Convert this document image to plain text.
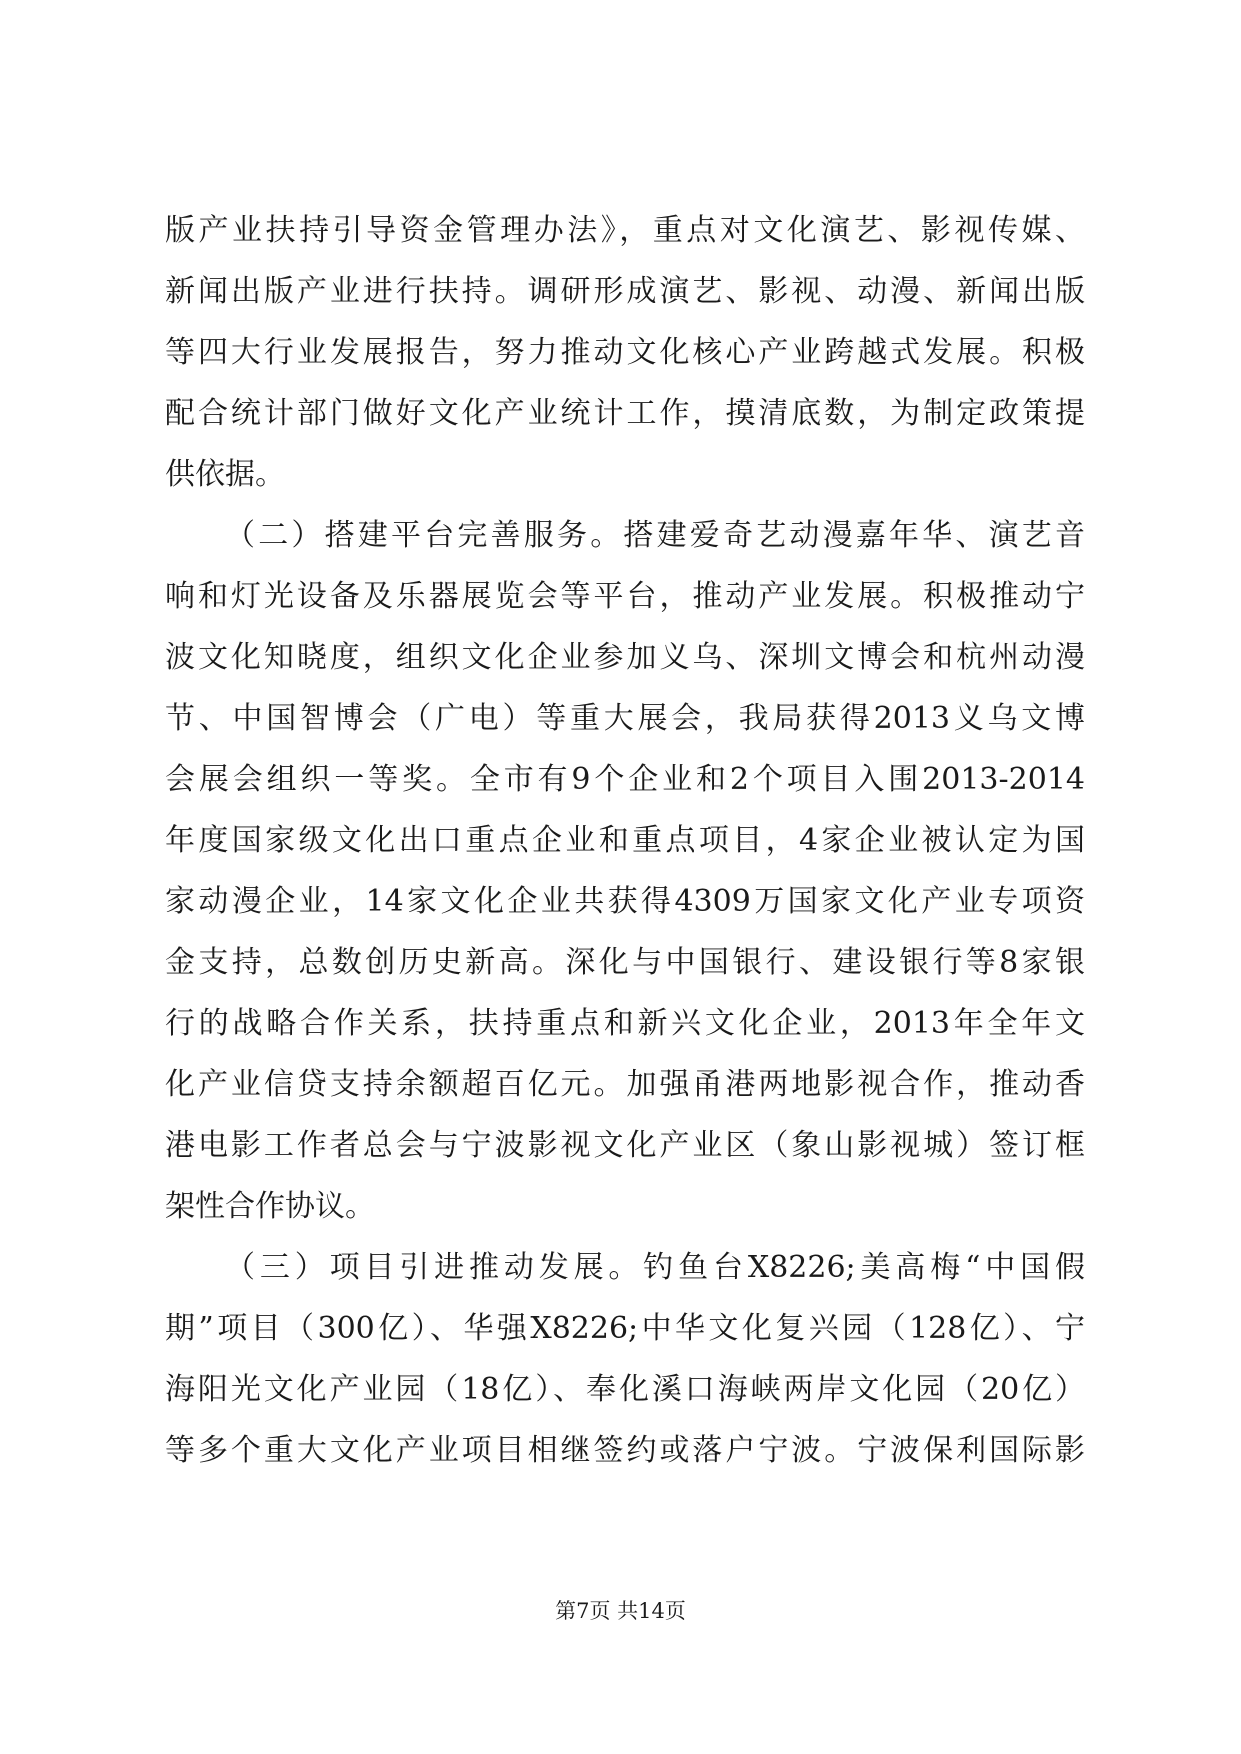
版产业扶持引导资金管理办法》，重点对文化演艺、影视传媒、
新闻出版产业进行扶持。调研形成演艺、影视、动漫、新闻出版
等四大行业发展报告，努力推动文化核心产业跨越式发展。积极
配合统计部门做好文化产业统计工作，摸清底数，为制定政策提
供依据。
（二）搭建平台完善服务。搭建爱奇艺动漫嘉年华、演艺音
响和灯光设备及乐器展览会等平台，推动产业发展。积极推动宁
波文化知晓度，组织文化企业参加义乌、深圳文博会和杭州动漫
节、中国智博会（广电）等重大展会，我局获得2013义乌文博
会展会组织一等奖。全市有9个企业和2个项目入围2013-2014
年度国家级文化出口重点企业和重点项目，4家企业被认定为国
家动漫企业，14家文化企业共获得4309万国家文化产业专项资
金支持，总数创历史新高。深化与中国银行、建设银行等8家银
行的战略合作关系，扶持重点和新兴文化企业，2013年全年文
化产业信贷支持余额超百亿元。加强甬港两地影视合作，推动香
港电影工作者总会与宁波影视文化产业区（象山影视城）签订框
架性合作协议。
（三）项目引进推动发展。钓鱼台X8226;美高梅“中国假
期”项目（300亿）、华强X8226;中华文化复兴园（128亿）、宁
海阳光文化产业园（18亿）、奉化溪口海峡两岸文化园（20亿）
等多个重大文化产业项目相继签约或落户宁波。宁波保利国际影
第7页 共14页
